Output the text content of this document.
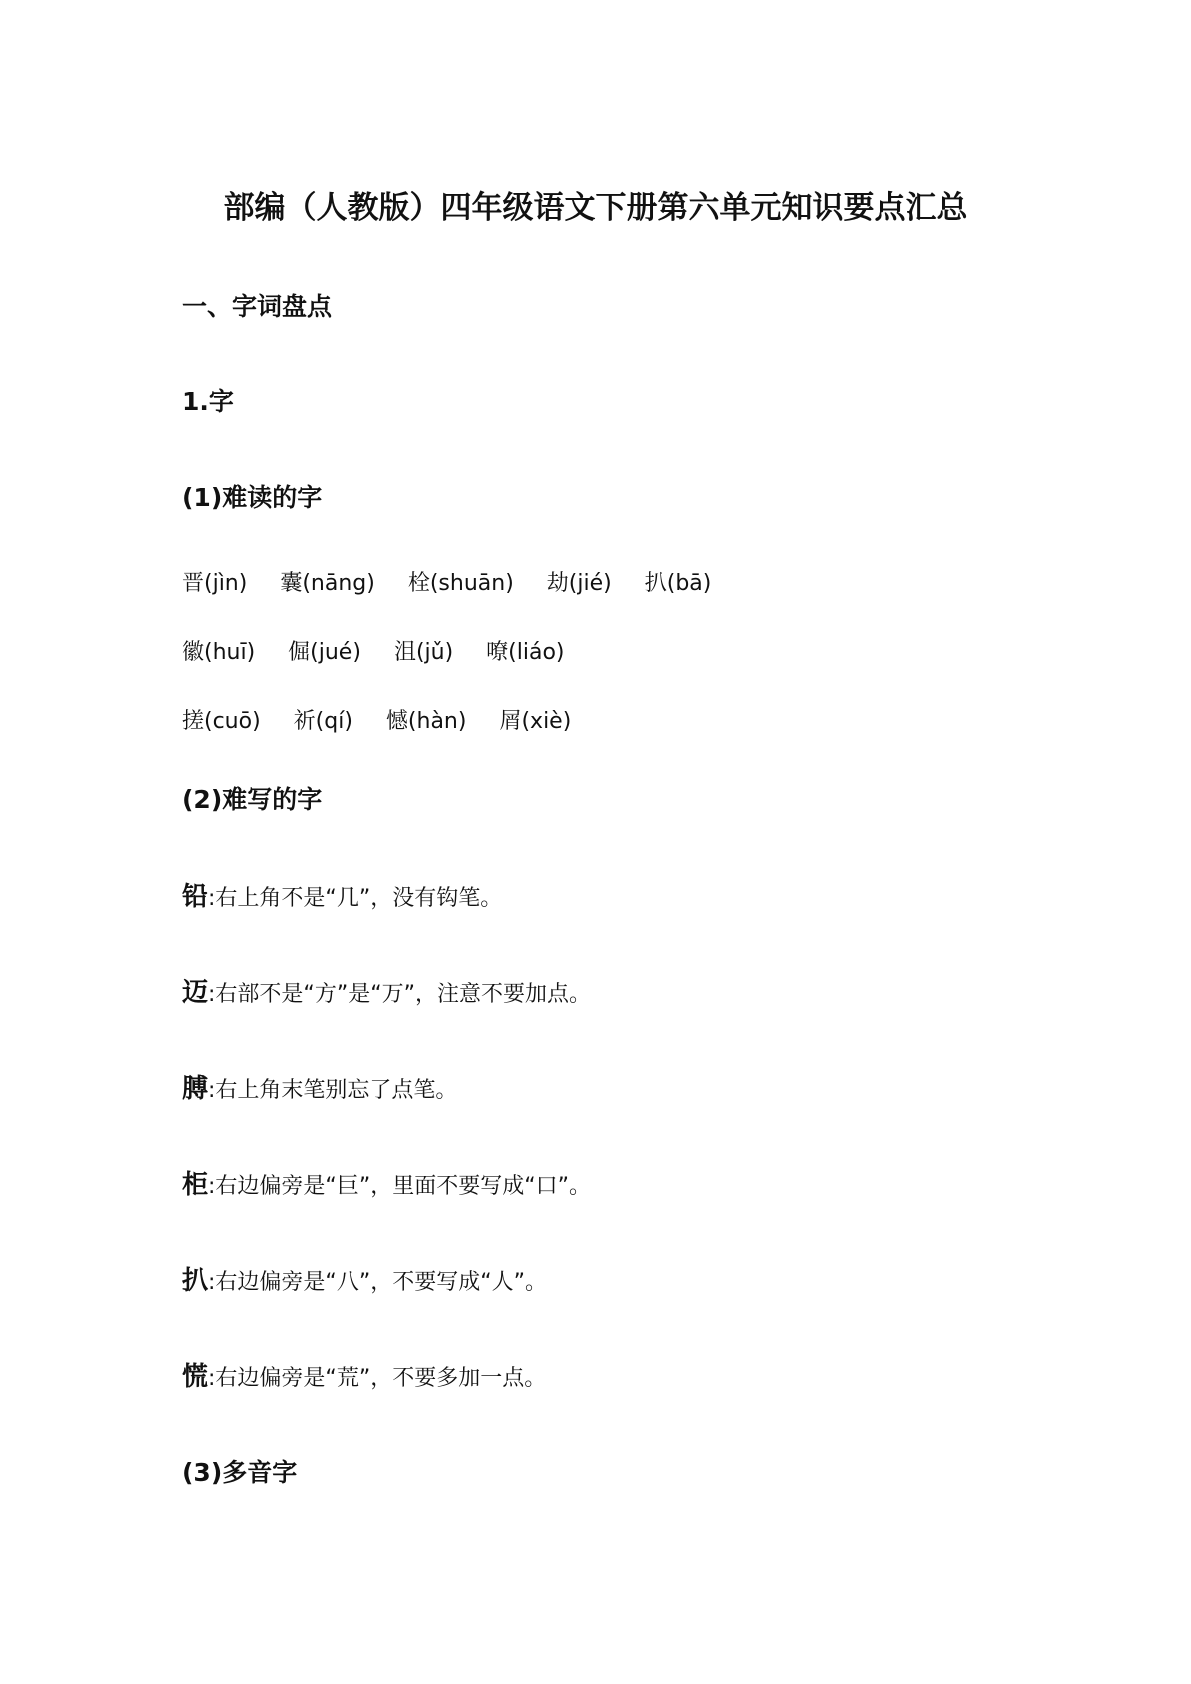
部编（人教版）四年级语文下册第六单元知识要点汇总
一、字词盘点
1.字
(1)难读的字
晋(jìn) 囊(nāng) 栓(shuān) 劫(jié) 扒(bā)
徽(huī) 倔(jué) 沮(jǔ) 嘹(liáo)
搓(cuō) 祈(qí) 憾(hàn) 屑(xiè)
(2)难写的字
铅:右上角不是“几”，没有钩笔。
迈:右部不是“方”是“万”，注意不要加点。
膊:右上角末笔别忘了点笔。
柜:右边偏旁是“巨”，里面不要写成“口”。
扒:右边偏旁是“八”，不要写成“人”。
慌:右边偏旁是“荒”，不要多加一点。
(3)多音字
